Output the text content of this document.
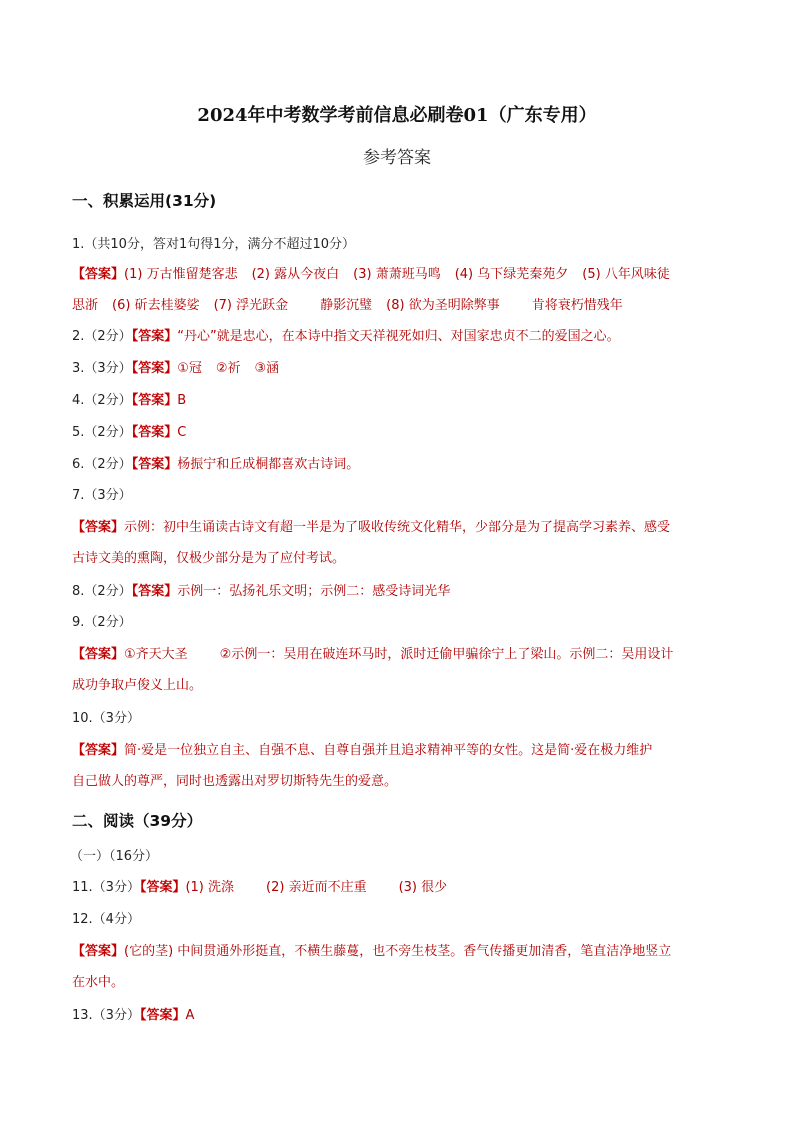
2024年中考数学考前信息必刷卷01（广东专用）
参考答案
一、积累运用(31分)
1.（共10分，答对1句得1分，满分不超过10分）
【答案】(1) 万古惟留楚客悲 (2) 露从今夜白 (3) 萧萧班马鸣 (4) 乌下绿芜秦苑夕 (5) 八年风味徒
思浙 (6) 斫去桂婆娑 (7) 浮光跃金 静影沉璧 (8) 欲为圣明除弊事 肯将衰朽惜残年
2.（2分）【答案】“丹心”就是忠心，在本诗中指文天祥视死如归、对国家忠贞不二的爱国之心。
3.（3分）【答案】①冠 ②祈 ③涵
4.（2分）【答案】B
5.（2分）【答案】C
6.（2分）【答案】杨振宁和丘成桐都喜欢古诗词。
7.（3分）
【答案】示例：初中生诵读古诗文有超一半是为了吸收传统文化精华，少部分是为了提高学习素养、感受
古诗文美的熏陶，仅极少部分是为了应付考试。
8.（2分）【答案】示例一：弘扬礼乐文明；示例二：感受诗词光华
9.（2分）
【答案】①齐天大圣 ②示例一：吴用在破连环马时，派时迁偷甲骗徐宁上了梁山。示例二：吴用设计
成功争取卢俊义上山。
10.（3分）
【答案】简·爱是一位独立自主、自强不息、自尊自强并且追求精神平等的女性。这是简·爱在极力维护
自己做人的尊严，同时也透露出对罗切斯特先生的爱意。
二、阅读（39分）
（一）（16分）
11.（3分）【答案】(1) 洗涤 (2) 亲近而不庄重 (3) 很少
12.（4分）
【答案】(它的茎) 中间贯通外形挺直，不横生藤蔓，也不旁生枝茎。香气传播更加清香，笔直洁净地竖立
在水中。
13.（3分）【答案】A
